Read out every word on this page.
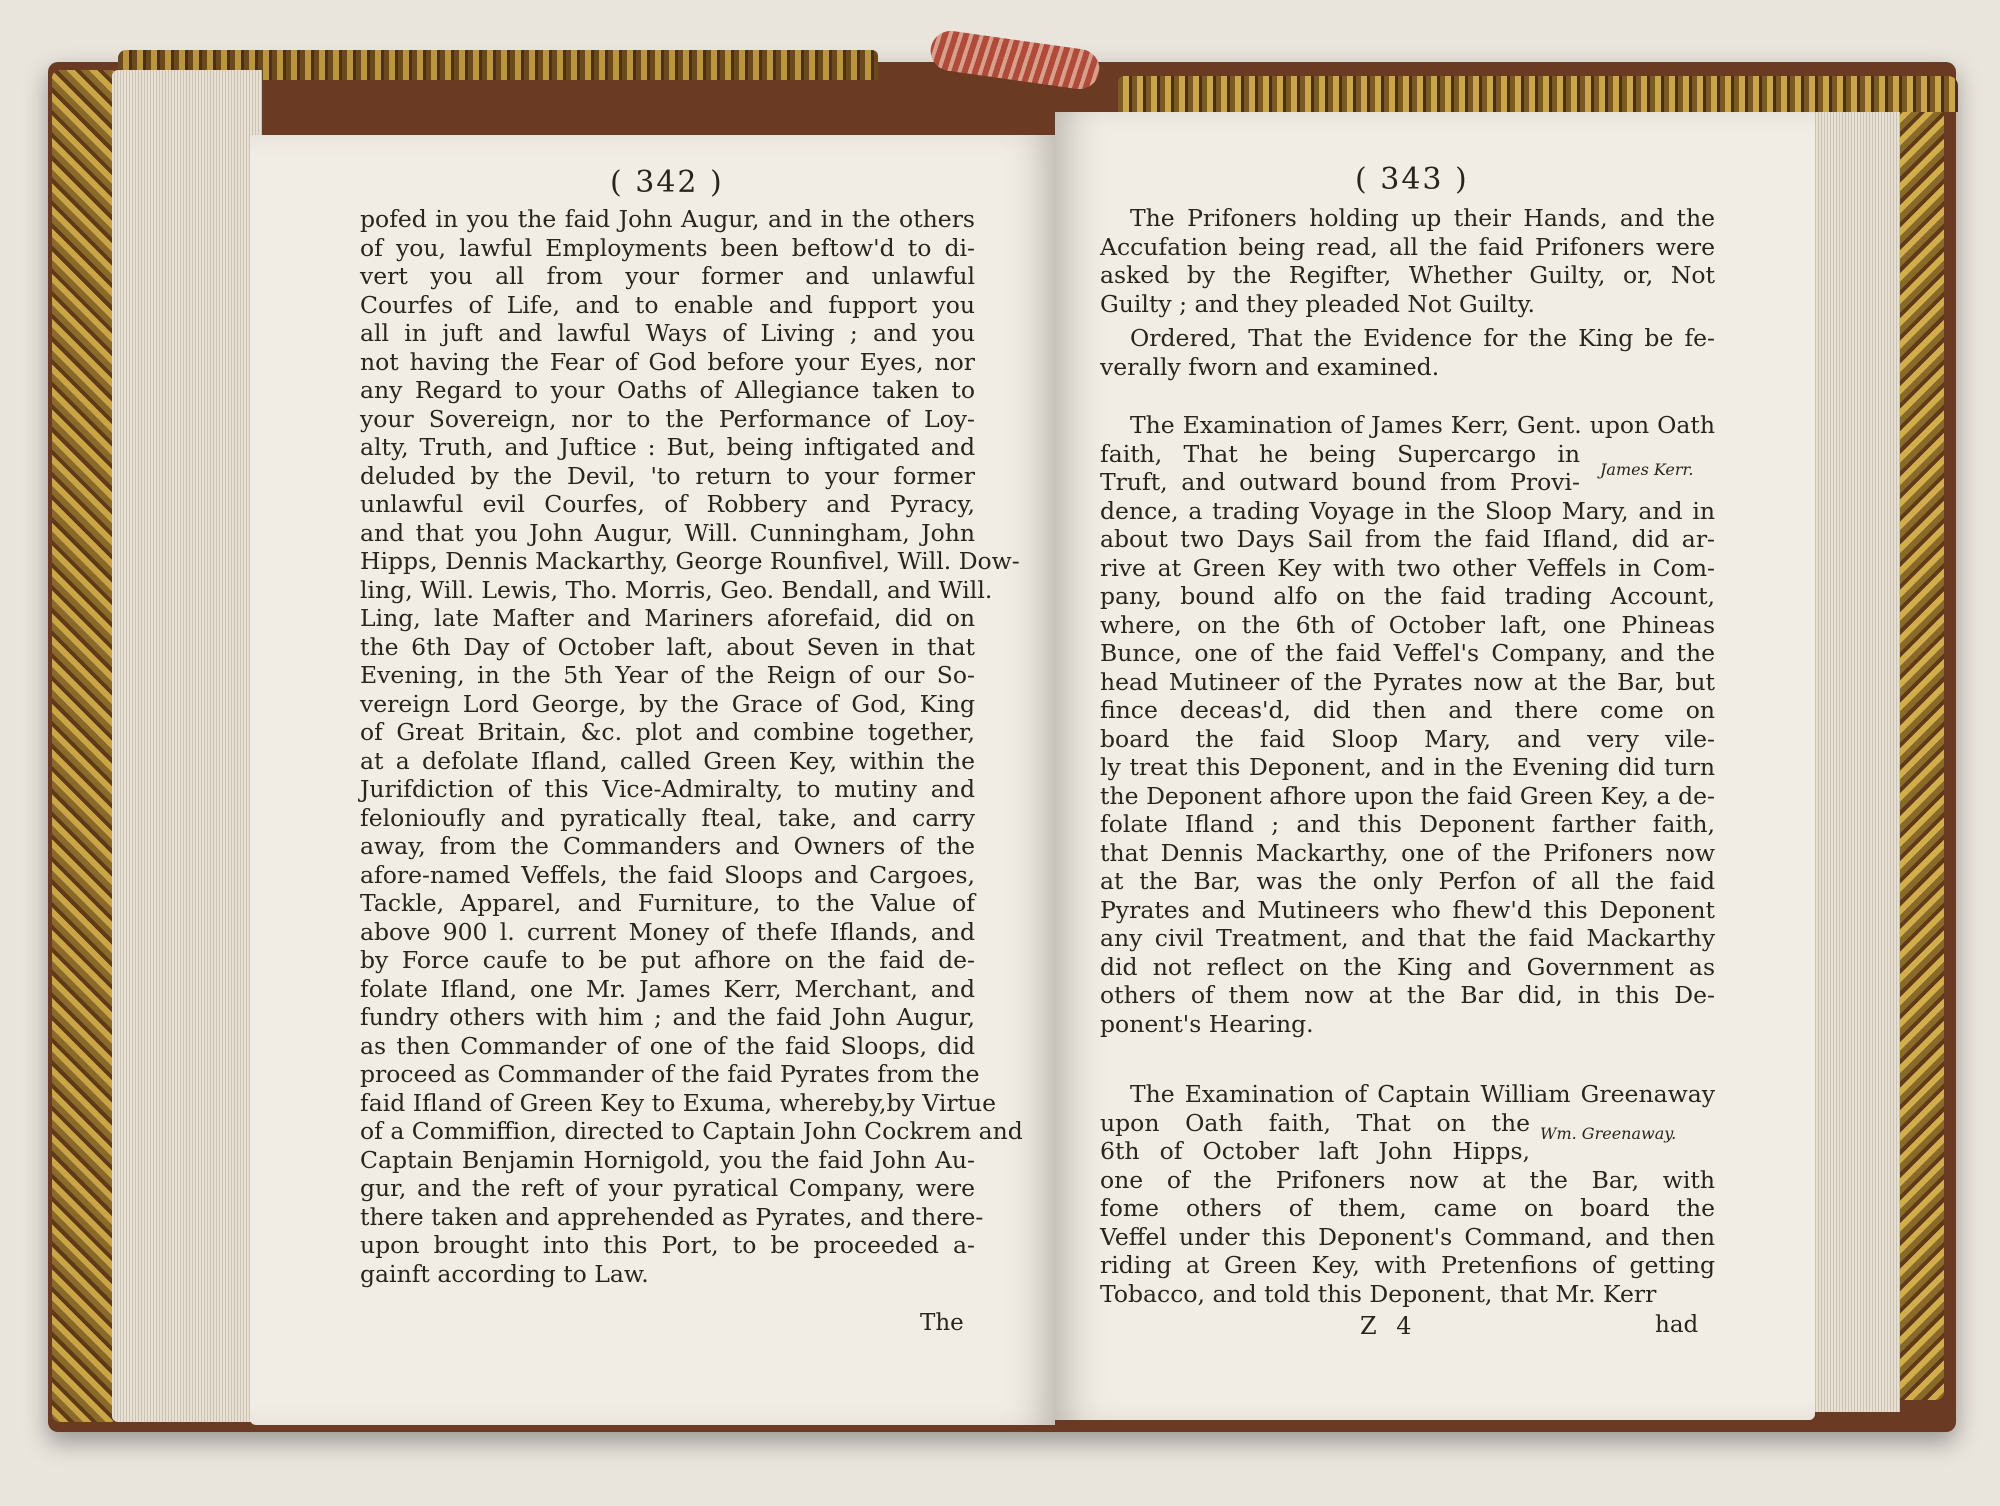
( 342 )
pofed in you the faid John Augur, and in the others
of you, lawful Employments been beftow'd to di-
vert you all from your former and unlawful
Courfes of Life, and to enable and fupport you
all in juft and lawful Ways of Living ; and you
not having the Fear of God before your Eyes, nor
any Regard to your Oaths of Allegiance taken to
your Sovereign, nor to the Performance of Loy-
alty, Truth, and Juftice : But, being inftigated and
deluded by the Devil, 'to return to your former
unlawful evil Courfes, of Robbery and Pyracy,
and that you John Augur, Will. Cunningham, John
Hipps, Dennis Mackarthy, George Rounfivel, Will. Dow-
ling, Will. Lewis, Tho. Morris, Geo. Bendall, and Will.
Ling, late Mafter and Mariners aforefaid, did on
the 6th Day of October laft, about Seven in that
Evening, in the 5th Year of the Reign of our So-
vereign Lord George, by the Grace of God, King
of Great Britain, &c. plot and combine together,
at a defolate Ifland, called Green Key, within the
Jurifdiction of this Vice-Admiralty, to mutiny and
felonioufly and pyratically fteal, take, and carry
away, from the Commanders and Owners of the
afore-named Veffels, the faid Sloops and Cargoes,
Tackle, Apparel, and Furniture, to the Value of
above 900 l. current Money of thefe Iflands, and
by Force caufe to be put afhore on the faid de-
folate Ifland, one Mr. James Kerr, Merchant, and
fundry others with him ; and the faid John Augur,
as then Commander of one of the faid Sloops, did
proceed as Commander of the faid Pyrates from the
faid Ifland of Green Key to Exuma, whereby,by Virtue
of a Commiffion, directed to Captain John Cockrem and
Captain Benjamin Hornigold, you the faid John Au-
gur, and the reft of your pyratical Company, were
there taken and apprehended as Pyrates, and there-
upon brought into this Port, to be proceeded a-
gainft according to Law.
The
( 343 )
The Prifoners holding up their Hands, and the
Accufation being read, all the faid Prifoners were
asked by the Regifter, Whether Guilty, or, Not
Guilty ; and they pleaded Not Guilty.
Ordered, That the Evidence for the King be fe-
verally fworn and examined.
The Examination of James Kerr, Gent. upon Oath
faith, That he being Supercargo in
Truft, and outward bound from Provi-
dence, a trading Voyage in the Sloop Mary, and in
about two Days Sail from the faid Ifland, did ar-
rive at Green Key with two other Veffels in Com-
pany, bound alfo on the faid trading Account,
where, on the 6th of October laft, one Phineas
Bunce, one of the faid Veffel's Company, and the
head Mutineer of the Pyrates now at the Bar, but
fince deceas'd, did then and there come on
board the faid Sloop Mary, and very vile-
ly treat this Deponent, and in the Evening did turn
the Deponent afhore upon the faid Green Key, a de-
folate Ifland ; and this Deponent farther faith,
that Dennis Mackarthy, one of the Prifoners now
at the Bar, was the only Perfon of all the faid
Pyrates and Mutineers who fhew'd this Deponent
any civil Treatment, and that the faid Mackarthy
did not reflect on the King and Government as
others of them now at the Bar did, in this De-
ponent's Hearing.
The Examination of Captain William Greenaway
upon Oath faith, That on the
6th of October laft John Hipps,
one of the Prifoners now at the Bar, with
fome others of them, came on board the
Veffel under this Deponent's Command, and then
riding at Green Key, with Pretenfions of getting
Tobacco, and told this Deponent, that Mr. Kerr
James Kerr.
Wm. Greenaway.
Z 4	had
